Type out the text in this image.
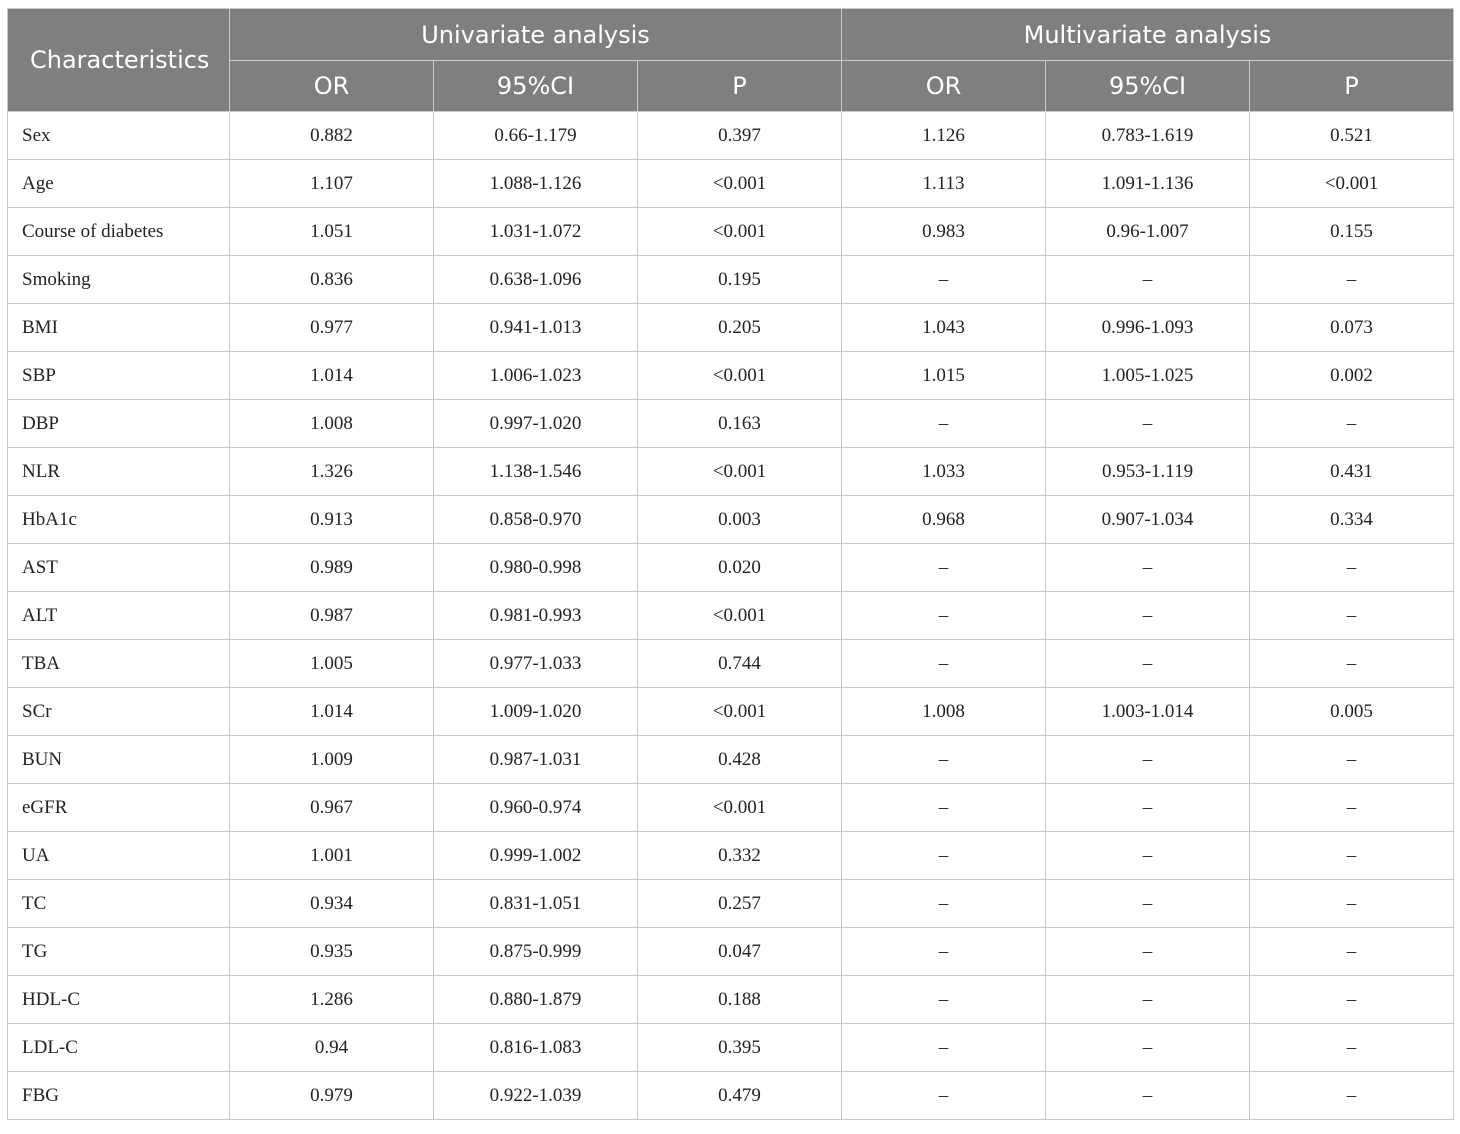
Characteristics	Univariate analysis			Multivariate analysis		
	OR	95%CI	P	OR	95%CI	P
Sex	0.882	0.66-1.179	0.397	1.126	0.783-1.619	0.521
Age	1.107	1.088-1.126	<0.001	1.113	1.091-1.136	<0.001
Course of diabetes	1.051	1.031-1.072	<0.001	0.983	0.96-1.007	0.155
Smoking	0.836	0.638-1.096	0.195	–	–	–
BMI	0.977	0.941-1.013	0.205	1.043	0.996-1.093	0.073
SBP	1.014	1.006-1.023	<0.001	1.015	1.005-1.025	0.002
DBP	1.008	0.997-1.020	0.163	–	–	–
NLR	1.326	1.138-1.546	<0.001	1.033	0.953-1.119	0.431
HbA1c	0.913	0.858-0.970	0.003	0.968	0.907-1.034	0.334
AST	0.989	0.980-0.998	0.020	–	–	–
ALT	0.987	0.981-0.993	<0.001	–	–	–
TBA	1.005	0.977-1.033	0.744	–	–	–
SCr	1.014	1.009-1.020	<0.001	1.008	1.003-1.014	0.005
BUN	1.009	0.987-1.031	0.428	–	–	–
eGFR	0.967	0.960-0.974	<0.001	–	–	–
UA	1.001	0.999-1.002	0.332	–	–	–
TC	0.934	0.831-1.051	0.257	–	–	–
TG	0.935	0.875-0.999	0.047	–	–	–
HDL-C	1.286	0.880-1.879	0.188	–	–	–
LDL-C	0.94	0.816-1.083	0.395	–	–	–
FBG	0.979	0.922-1.039	0.479	–	–	–
